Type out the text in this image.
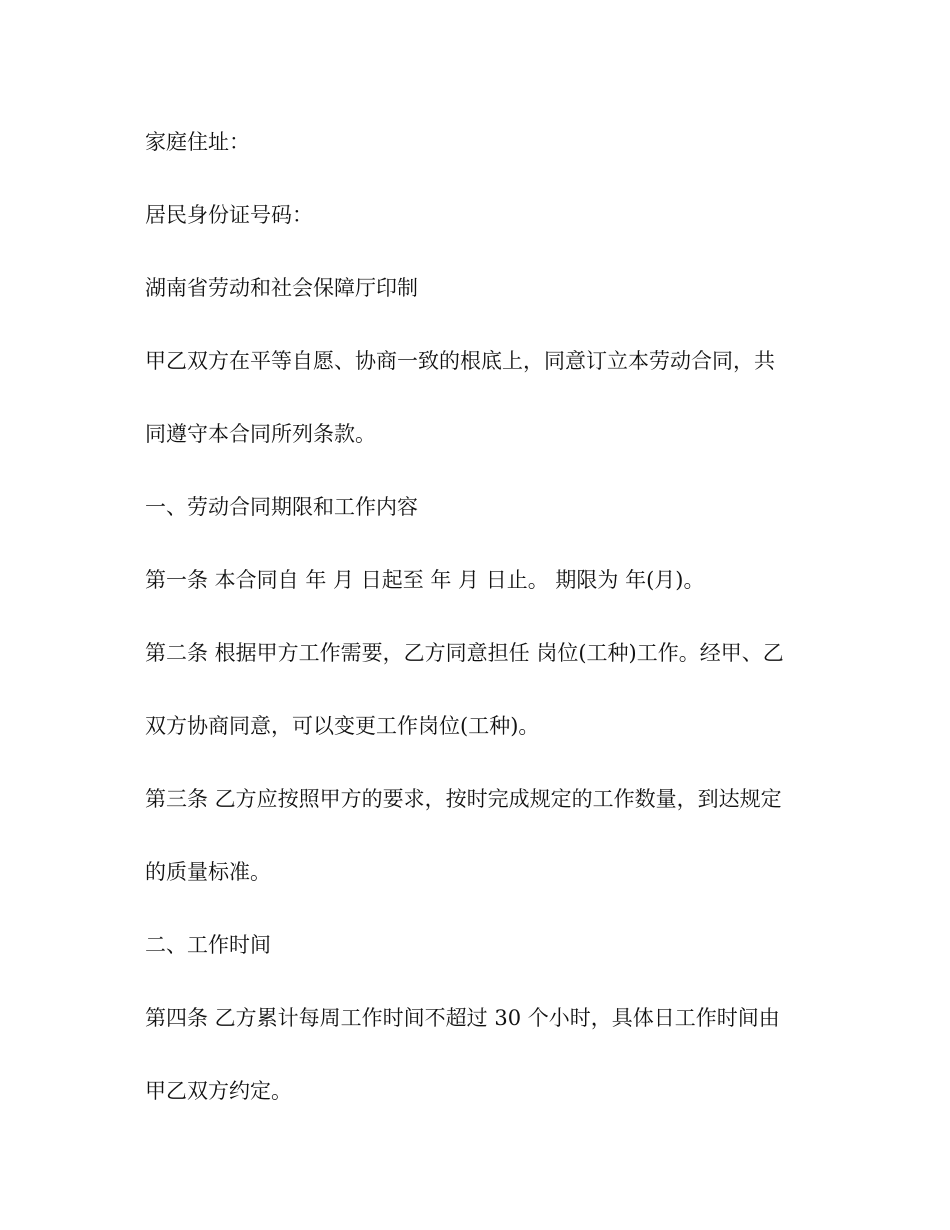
家庭住址：
居民身份证号码：
湖南省劳动和社会保障厅印制
甲乙双方在平等自愿、协商一致的根底上，同意订立本劳动合同，共
同遵守本合同所列条款。
一、劳动合同期限和工作内容
第一条 本合同自 年 月 日起至 年 月 日止。 期限为 年(月)。
第二条 根据甲方工作需要，乙方同意担任 岗位(工种)工作。经甲、乙
双方协商同意，可以变更工作岗位(工种)。
第三条 乙方应按照甲方的要求，按时完成规定的工作数量，到达规定
的质量标准。
二、工作时间
第四条 乙方累计每周工作时间不超过 30 个小时，具体日工作时间由
甲乙双方约定。
